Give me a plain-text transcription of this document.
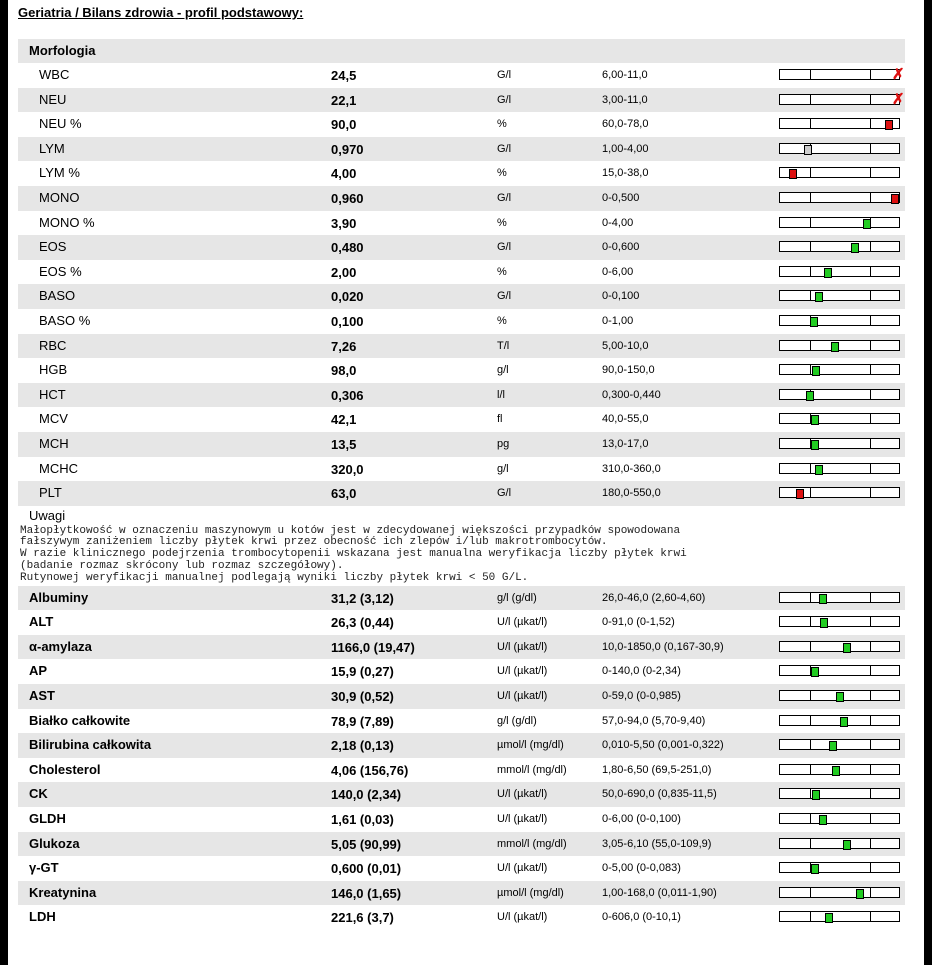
Geriatria / Bilans zdrowia - profil podstawowy:
Morfologia
WBC	24,5	G/l	6,00-11,0	✗
NEU	22,1	G/l	3,00-11,0	✗
NEU %	90,0	%	60,0-78,0
LYM	0,970	G/l	1,00-4,00
LYM %	4,00	%	15,0-38,0
MONO	0,960	G/l	0-0,500
MONO %	3,90	%	0-4,00
EOS	0,480	G/l	0-0,600
EOS %	2,00	%	0-6,00
BASO	0,020	G/l	0-0,100
BASO %	0,100	%	0-1,00
RBC	7,26	T/l	5,00-10,0
HGB	98,0	g/l	90,0-150,0
HCT	0,306	l/l	0,300-0,440
MCV	42,1	fl	40,0-55,0
MCH	13,5	pg	13,0-17,0
MCHC	320,0	g/l	310,0-360,0
PLT	63,0	G/l	180,0-550,0
Uwagi
Małopłytkowość w oznaczeniu maszynowym u kotów jest w zdecydowanej większości przypadków spowodowana
fałszywym zaniżeniem liczby płytek krwi przez obecność ich zlepów i/lub makrotrombocytów.
W razie klinicznego podejrzenia trombocytopenii wskazana jest manualna weryfikacja liczby płytek krwi
(badanie rozmaz skrócony lub rozmaz szczegółowy).
Rutynowej weryfikacji manualnej podlegają wyniki liczby płytek krwi < 50 G/L.
Albuminy	31,2 (3,12)	g/l (g/dl)	26,0-46,0 (2,60-4,60)
ALT	26,3 (0,44)	U/l (µkat/l)	0-91,0 (0-1,52)
α-amylaza	1166,0 (19,47)	U/l (µkat/l)	10,0-1850,0 (0,167-30,9)
AP	15,9 (0,27)	U/l (µkat/l)	0-140,0 (0-2,34)
AST	30,9 (0,52)	U/l (µkat/l)	0-59,0 (0-0,985)
Białko całkowite	78,9 (7,89)	g/l (g/dl)	57,0-94,0 (5,70-9,40)
Bilirubina całkowita	2,18 (0,13)	µmol/l (mg/dl)	0,010-5,50 (0,001-0,322)
Cholesterol	4,06 (156,76)	mmol/l (mg/dl)	1,80-6,50 (69,5-251,0)
CK	140,0 (2,34)	U/l (µkat/l)	50,0-690,0 (0,835-11,5)
GLDH	1,61 (0,03)	U/l (µkat/l)	0-6,00 (0-0,100)
Glukoza	5,05 (90,99)	mmol/l (mg/dl)	3,05-6,10 (55,0-109,9)
γ-GT	0,600 (0,01)	U/l (µkat/l)	0-5,00 (0-0,083)
Kreatynina	146,0 (1,65)	µmol/l (mg/dl)	1,00-168,0 (0,011-1,90)
LDH	221,6 (3,7)	U/l (µkat/l)	0-606,0 (0-10,1)
